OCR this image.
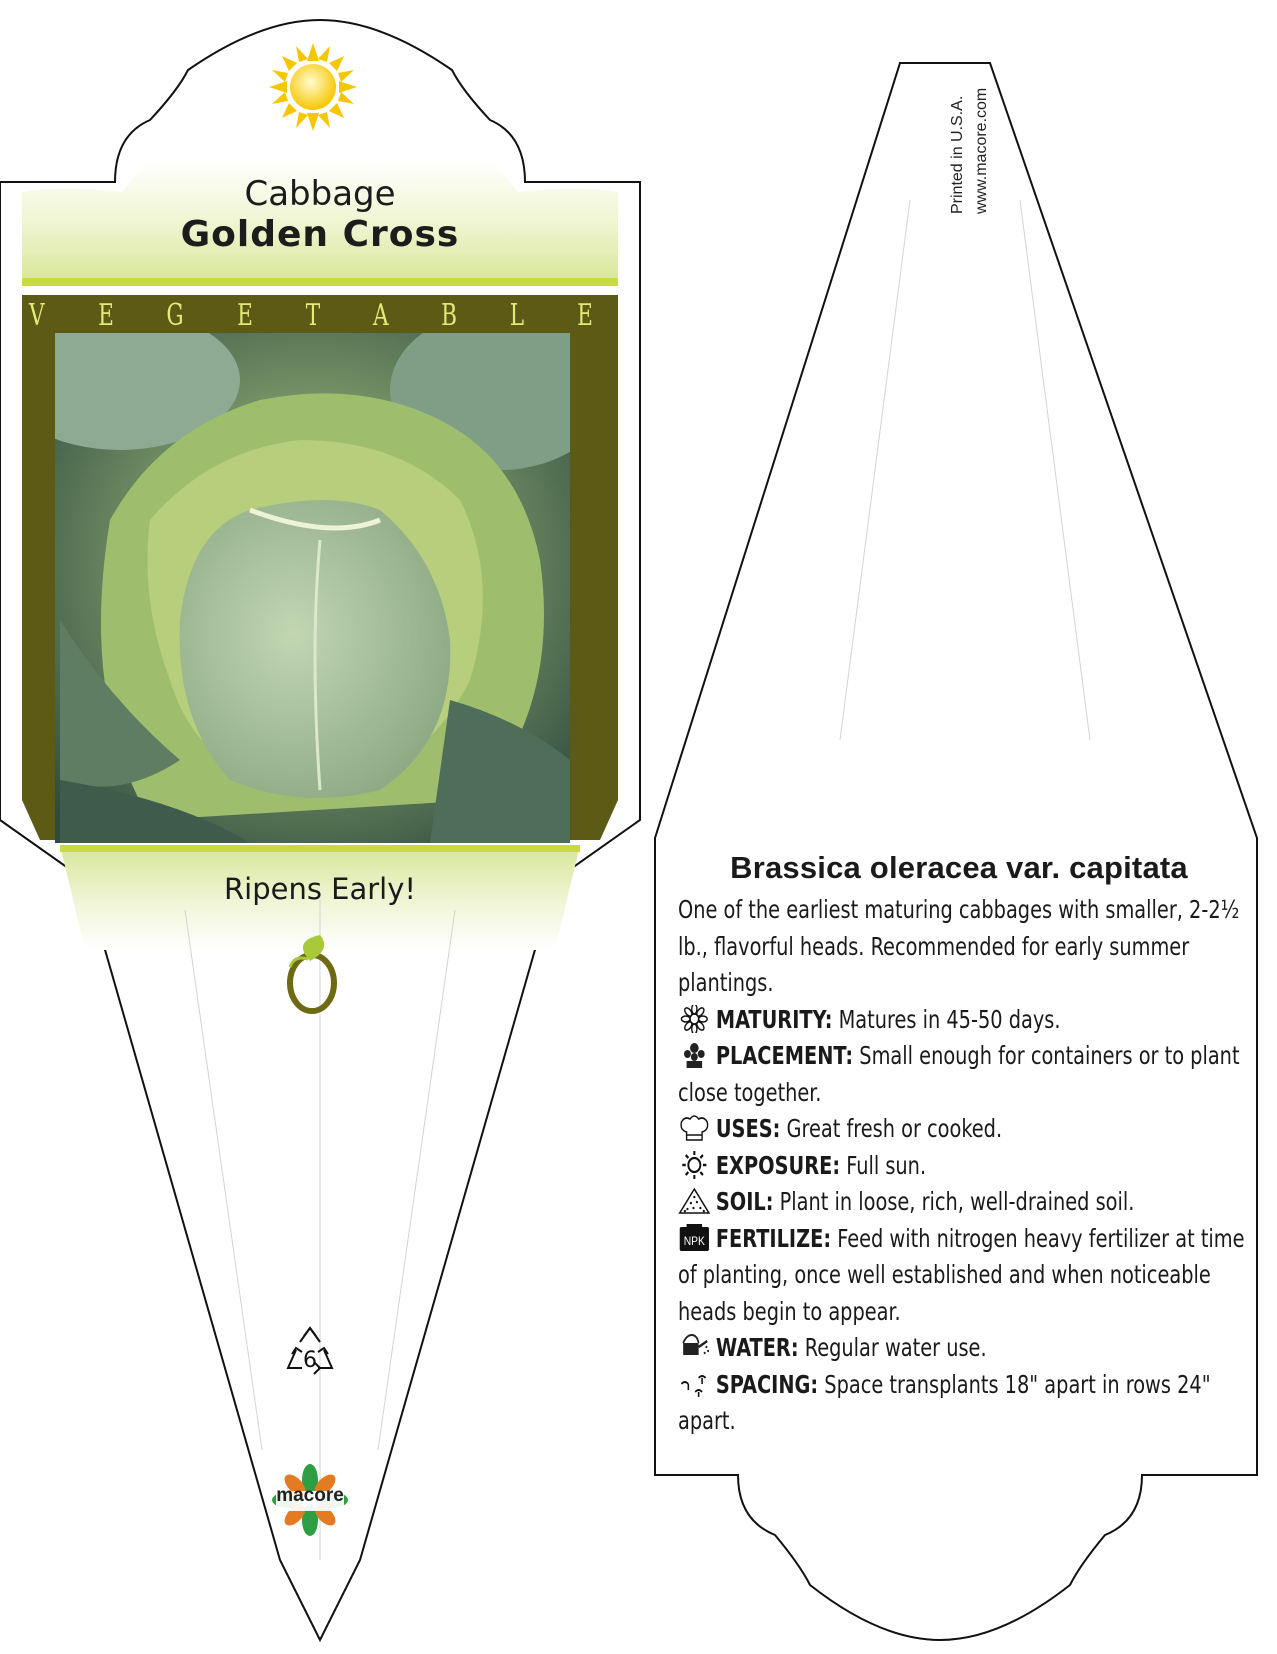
Cabbage
Golden Cross
V E G E T A B L E
Ripens Early!
6
macore
Printed in U.S.A. www.macore.com
Brassica oleracea var. capitata
One of the earliest maturing cabbages with smaller, 2-2½ lb., flavorful heads. Recommended for early summer plantings.
MATURITY: Matures in 45-50 days.
PLACEMENT: Small enough for containers or to plant close together.
USES: Great fresh or cooked.
EXPOSURE: Full sun.
SOIL: Plant in loose, rich, well-drained soil.
NPK FERTILIZE: Feed with nitrogen heavy fertilizer at time of planting, once well established and when noticeable heads begin to appear.
WATER: Regular water use.
SPACING: Space transplants 18" apart in rows 24" apart.
